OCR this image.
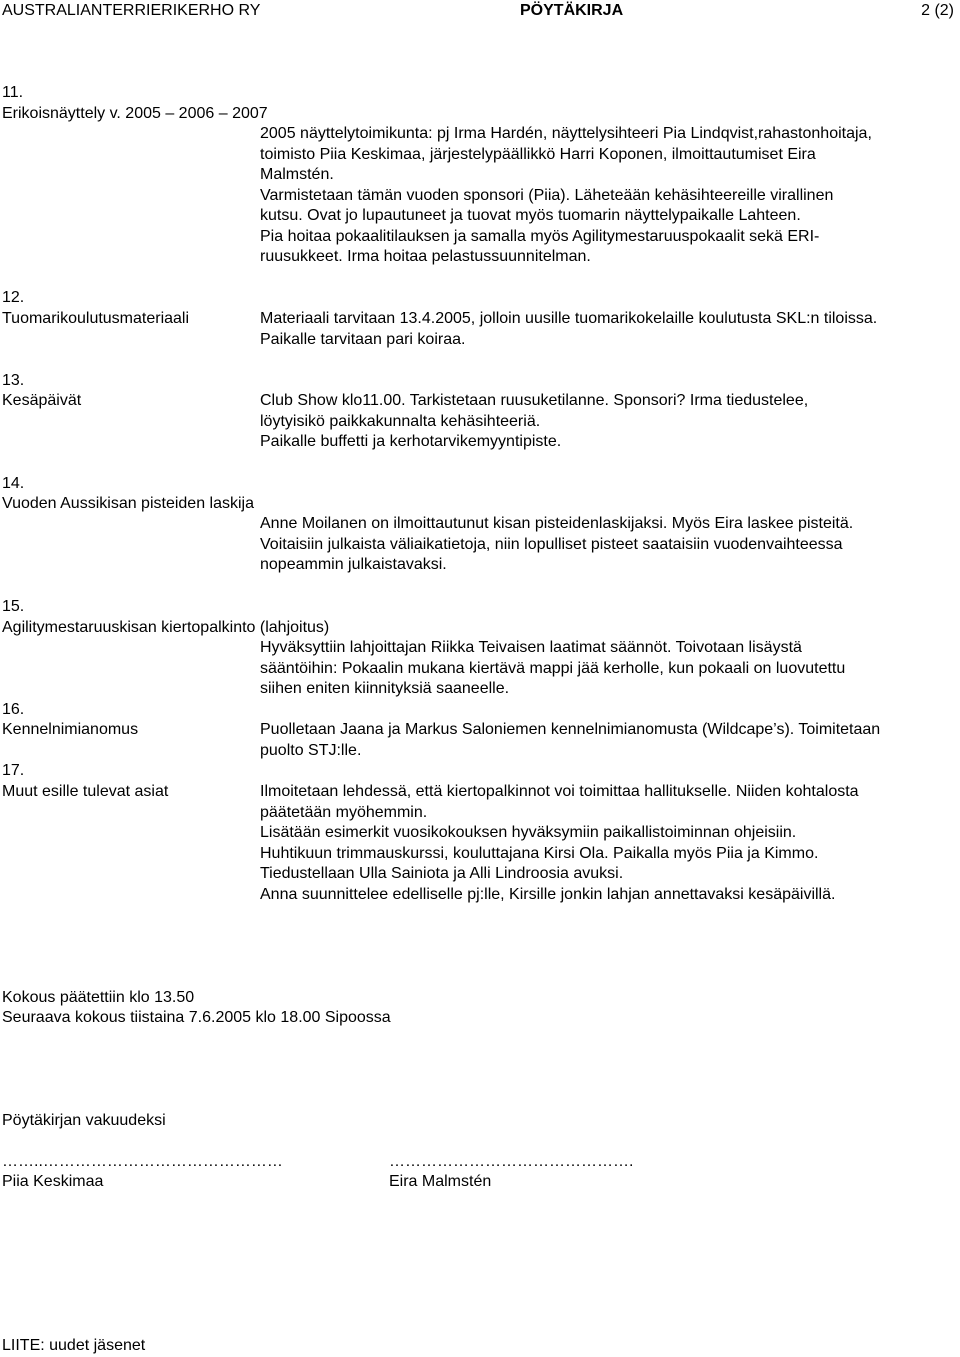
AUSTRALIANTERRIERIKERHO RY	PÖYTÄKIRJA	2 (2)
11.
Erikoisnäyttely v. 2005 – 2006 – 2007
2005 näyttelytoimikunta: pj Irma Hardén, näyttelysihteeri Pia Lindqvist,rahastonhoitaja,
toimisto Piia Keskimaa, järjestelypäällikkö Harri Koponen, ilmoittautumiset Eira
Malmstén.
Varmistetaan tämän vuoden sponsori (Piia). Läheteään kehäsihteereille virallinen
kutsu. Ovat jo lupautuneet ja tuovat myös tuomarin näyttelypaikalle Lahteen.
Pia hoitaa pokaalitilauksen ja samalla myös Agilitymestaruuspokaalit sekä ERI-
ruusukkeet. Irma hoitaa pelastussuunnitelman.
12.
Tuomarikoulutusmateriaali	Materiaali tarvitaan 13.4.2005, jolloin uusille tuomarikokelaille koulutusta SKL:n tiloissa.
Paikalle tarvitaan pari koiraa.
13.
Kesäpäivät	Club Show klo11.00. Tarkistetaan ruusuketilanne. Sponsori? Irma tiedustelee,
löytyisikö paikkakunnalta kehäsihteeriä.
Paikalle buffetti ja kerhotarvikemyyntipiste.
14.
Vuoden Aussikisan pisteiden laskija
Anne Moilanen on ilmoittautunut kisan pisteidenlaskijaksi. Myös Eira laskee pisteitä.
Voitaisiin julkaista väliaikatietoja, niin lopulliset pisteet saataisiin vuodenvaihteessa
nopeammin julkaistavaksi.
15.
Agilitymestaruuskisan kiertopalkinto (lahjoitus)
Hyväksyttiin lahjoittajan Riikka Teivaisen laatimat säännöt. Toivotaan lisäystä
sääntöihin: Pokaalin mukana kiertävä mappi jää kerholle, kun pokaali on luovutettu
siihen eniten kiinnityksiä saaneelle.
16.
Kennelnimianomus	Puolletaan Jaana ja Markus Saloniemen kennelnimianomusta (Wildcape’s). Toimitetaan
puolto STJ:lle.
17.
Muut esille tulevat asiat	Ilmoitetaan lehdessä, että kiertopalkinnot voi toimittaa hallitukselle. Niiden kohtalosta
päätetään myöhemmin.
Lisätään esimerkit vuosikokouksen hyväksymiin paikallistoiminnan ohjeisiin.
Huhtikuun trimmauskurssi, kouluttajana Kirsi Ola. Paikalla myös Piia ja Kimmo.
Tiedustellaan Ulla Sainiota ja Alli Lindroosia avuksi.
Anna suunnittelee edelliselle pj:lle, Kirsille jonkin lahjan annettavaksi kesäpäivillä.
Kokous päätettiin klo 13.50
Seuraava kokous tiistaina 7.6.2005 klo 18.00 Sipoossa
Pöytäkirjan vakuudeksi
……..………………………………………	……………………………………….
Piia Keskimaa	Eira Malmstén
LIITE: uudet jäsenet
